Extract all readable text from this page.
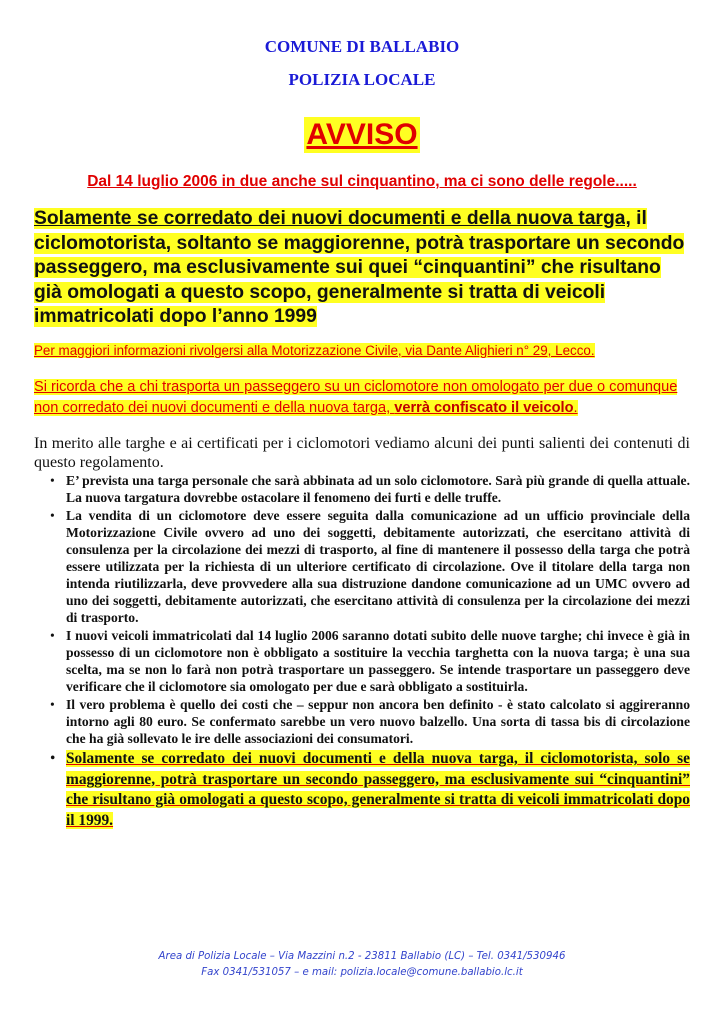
COMUNE DI BALLABIO

POLIZIA LOCALE

AVVISO
Dal 14 luglio 2006 in due anche sul cinquantino, ma ci sono delle regole.....
Solamente se corredato dei nuovi documenti e della nuova targa, il ciclomotorista, soltanto se maggiorenne, potrà trasportare un secondo passeggero, ma esclusivamente sui quei “cinquantini” che risultano già omologati a questo scopo, generalmente si tratta di veicoli immatricolati dopo l’anno 1999
Per maggiori informazioni rivolgersi alla Motorizzazione Civile, via Dante Alighieri n° 29, Lecco.
Si ricorda che a chi trasporta un passeggero su un ciclomotore non omologato per due o comunque non corredato dei nuovi documenti e della nuova targa, verrà confiscato il veicolo.
In merito alle targhe e ai certificati per i ciclomotori vediamo alcuni dei punti salienti dei contenuti di questo regolamento.
• E’ prevista una targa personale che sarà abbinata ad un solo ciclomotore. Sarà più grande di quella attuale. La nuova targatura dovrebbe ostacolare il fenomeno dei furti e delle truffe.
• La vendita di un ciclomotore deve essere seguita dalla comunicazione ad un ufficio provinciale della Motorizzazione Civile ovvero ad uno dei soggetti, debitamente autorizzati, che esercitano attività di consulenza per la circolazione dei mezzi di trasporto, al fine di mantenere il possesso della targa che potrà essere utilizzata per la richiesta di un ulteriore certificato di circolazione. Ove il titolare della targa non intenda riutilizzarla, deve provvedere alla sua distruzione dandone comunicazione ad un UMC ovvero ad uno dei soggetti, debitamente autorizzati, che esercitano attività di consulenza per la circolazione dei mezzi di trasporto.
• I nuovi veicoli immatricolati dal 14 luglio 2006 saranno dotati subito delle nuove targhe; chi invece è già in possesso di un ciclomotore non è obbligato a sostituire la vecchia targhetta con la nuova targa; è una sua scelta, ma se non lo farà non potrà trasportare un passeggero. Se intende trasportare un passeggero deve verificare che il ciclomotore sia omologato per due e sarà obbligato a sostituirla.
• Il vero problema è quello dei costi che – seppur non ancora ben definito - è stato calcolato si aggireranno intorno agli 80 euro. Se confermato sarebbe un vero nuovo balzello. Una sorta di tassa bis di circolazione che ha già sollevato le ire delle associazioni dei consumatori.
• Solamente se corredato dei nuovi documenti e della nuova targa, il ciclomotorista, solo se maggiorenne, potrà trasportare un secondo passeggero, ma esclusivamente sui “cinquantini” che risultano già omologati a questo scopo, generalmente si tratta di veicoli immatricolati dopo il 1999.
Area di Polizia Locale – Via Mazzini n.2 - 23811 Ballabio (LC) – Tel. 0341/530946
Fax 0341/531057 – e mail: polizia.locale@comune.ballabio.lc.it
